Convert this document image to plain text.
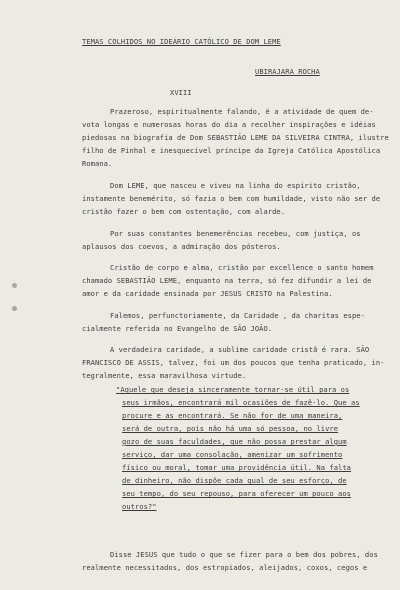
TEMAS COLHIDOS NO IDEÁRIO CATÓLICO DE DOM LEME
UBIRAJARA ROCHA
XVIII
Prazeroso, espiritualmente falando, é a atividade de quem de-
vota longas e numerosas horas do dia a recolher inspirações e idéias
piedosas na biografia de Dom SEBASTIÃO LEME DA SILVEIRA CINTRA, ilustre
filho de Pinhal e inesquecível príncipe da Igreja Católica Apostólica
Romana.
Dom LEME, que nasceu e viveu na linha do espírito cristão,
instamente benemérito, só fazia o bem com humildade, visto não ser de
cristão fazer o bem com ostentação, com alarde.
Por suas constantes benemerências recebeu, com justiça, os
aplausos dos coevos, a admiração dos pósteros.
Cristão de corpo e alma, cristão par excellence o santo homem
chamado SEBASTIÃO LEME, enquanto na terra, só fez difundir a lei de
amor e da caridade ensinada por JESUS CRISTO na Palestina.
Falemos, perfunctoriamente, da Caridade , da charitas espe-
cialmente referida no Evangelho de SÃO JOÃO.
A verdadeira caridade, a sublime caridade cristã é rara. SÃO
FRANCISCO DE ASSIS, talvez, foi um dos poucos que tenha praticado, in-
tegralmente, essa maravilhosa virtude.
"Aquele que deseja sinceramente tornar-se útil para os
seus irmãos, encontrará mil ocasiões de fazê-lo. Que as
procure e as encontrará. Se não for de uma maneira,
será de outra, pois não há uma só pessoa, no livre
gozo de suas faculdades, que não possa prestar algum
serviço, dar uma consolação, amenizar um sofrimento
físico ou moral, tomar uma providência útil. Na falta
de dinheiro, não dispõe cada qual de seu esforço, de
seu tempo, do seu repouso, para oferecer um pouco aos
outros?"
Disse JESUS que tudo o que se fizer para o bem dos pobres, dos
realmente necessitados, dos estropiados, aleijados, coxos, cegos e
